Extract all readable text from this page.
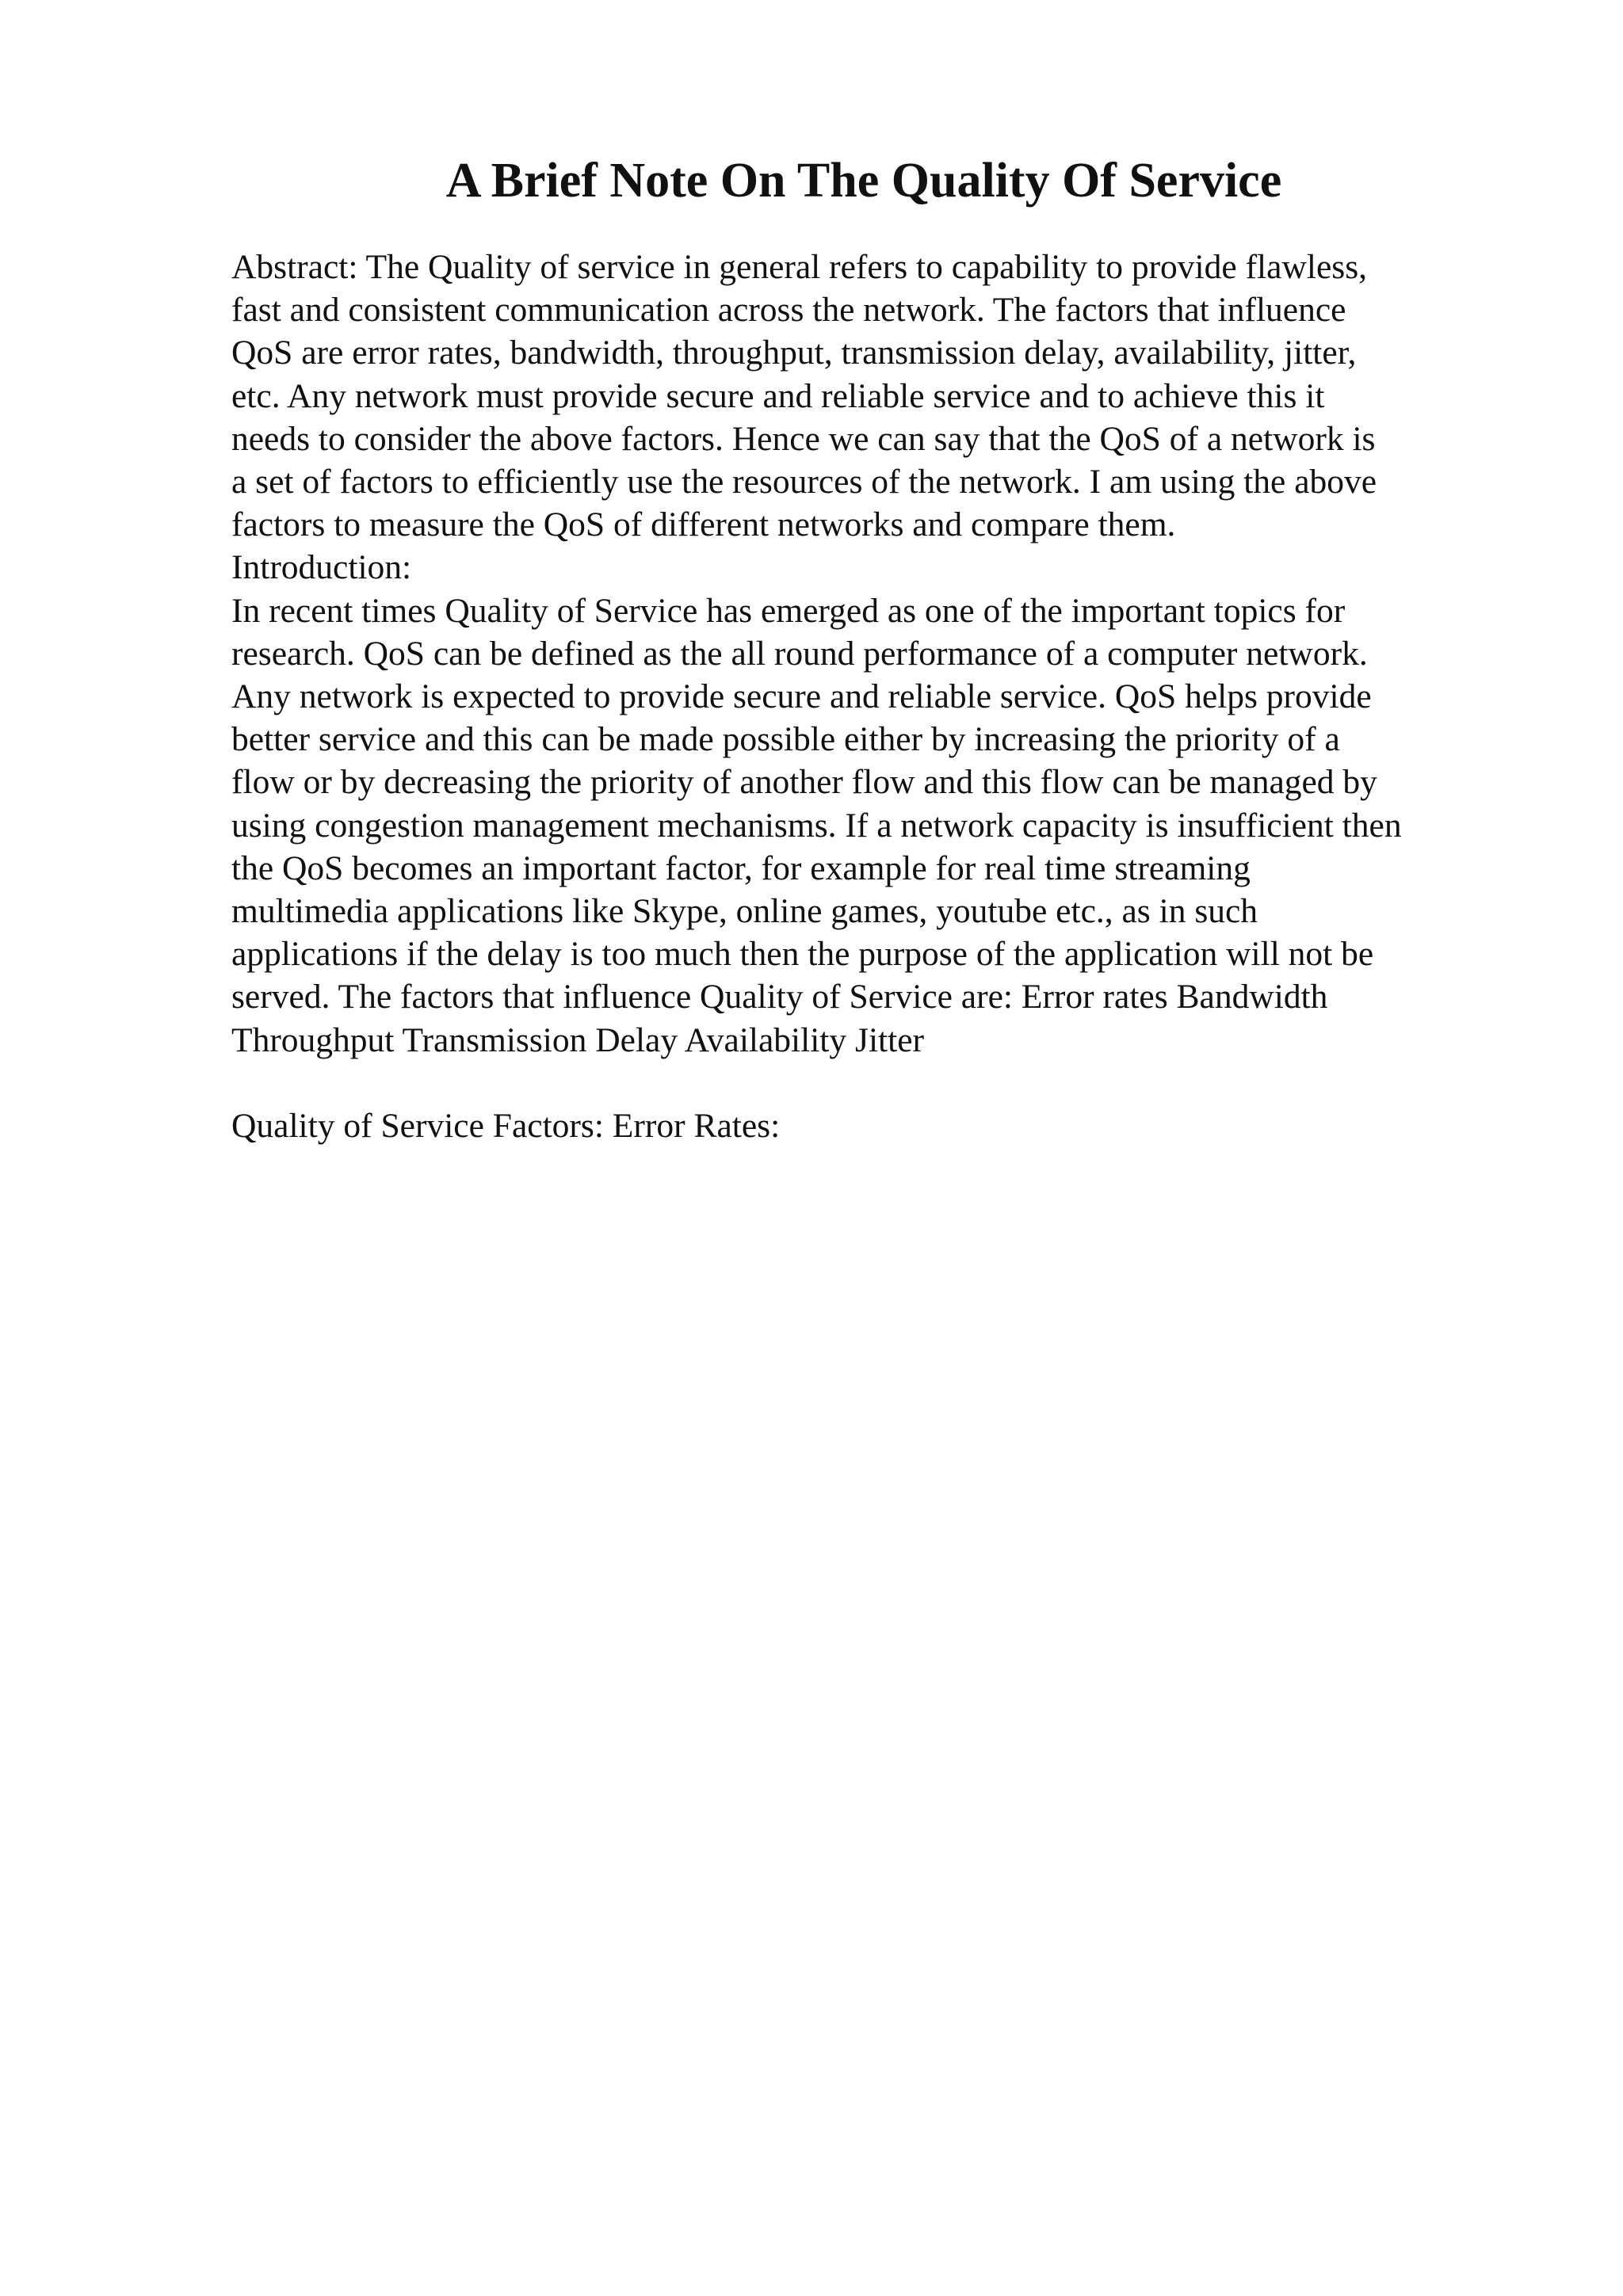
A Brief Note On The Quality Of Service
Abstract: The Quality of service in general refers to capability to provide flawless,
fast and consistent communication across the network. The factors that influence
QoS are error rates, bandwidth, throughput, transmission delay, availability, jitter,
etc. Any network must provide secure and reliable service and to achieve this it
needs to consider the above factors. Hence we can say that the QoS of a network is
a set of factors to efficiently use the resources of the network. I am using the above
factors to measure the QoS of different networks and compare them.
Introduction:
In recent times Quality of Service has emerged as one of the important topics for
research. QoS can be defined as the all round performance of a computer network.
Any network is expected to provide secure and reliable service. QoS helps provide
better service and this can be made possible either by increasing the priority of a
flow or by decreasing the priority of another flow and this flow can be managed by
using congestion management mechanisms. If a network capacity is insufficient then
the QoS becomes an important factor, for example for real time streaming
multimedia applications like Skype, online games, youtube etc., as in such
applications if the delay is too much then the purpose of the application will not be
served. The factors that influence Quality of Service are: Error rates Bandwidth
Throughput Transmission Delay Availability Jitter
Quality of Service Factors: Error Rates:
